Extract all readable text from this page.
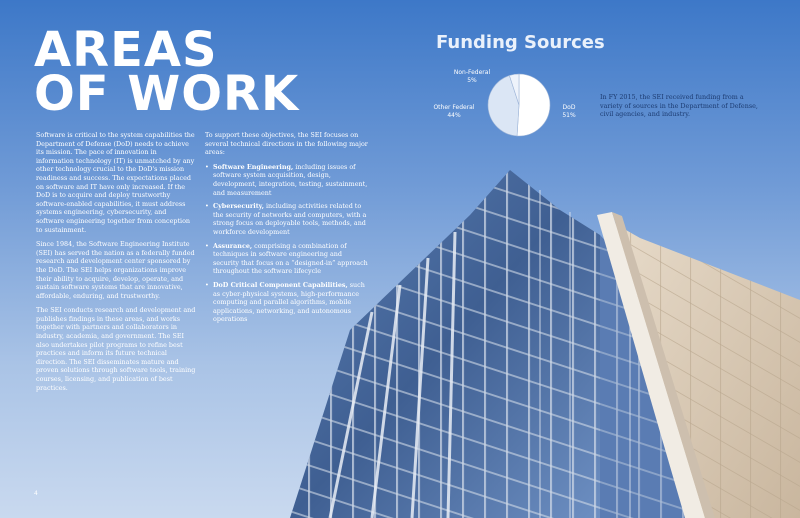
AREAS
OF WORK

Software is critical to the system capabilities the Department of Defense (DoD) needs to achieve its mission. The pace of innovation in information technology (IT) is unmatched by any other technology crucial to the DoD's mission readiness and success. The expectations placed on software and IT have only increased. If the DoD is to acquire and deploy trustworthy software-enabled capabilities, it must address systems engineering, cybersecurity, and software engineering together from conception to sustainment.

Since 1984, the Software Engineering Institute (SEI) has served the nation as a federally funded research and development center sponsored by the DoD. The SEI helps organizations improve their ability to acquire, develop, operate, and sustain software systems that are innovative, affordable, enduring, and trustworthy.

The SEI conducts research and development and publishes findings in these areas, and works together with partners and collaborators in industry, academia, and government. The SEI also undertakes pilot programs to refine best practices and inform its future technical direction. The SEI disseminates mature and proven solutions through software tools, training courses, licensing, and publication of best practices.

To support these objectives, the SEI focuses on several technical directions in the following major areas:

• Software Engineering, including issues of software system acquisition, design, development, integration, testing, sustainment, and measurement
• Cybersecurity, including activities related to the security of networks and computers, with a strong focus on deployable tools, methods, and workforce development
• Assurance, comprising a combination of techniques in software engineering and security that focus on a “designed-in” approach throughout the software lifecycle
• DoD Critical Component Capabilities, such as cyber-physical systems, high-performance computing and parallel algorithms, mobile applications, networking, and autonomous operations
Funding Sources
Non-Federal
5%
Other Federal
44%
DoD
51%
In FY 2015, the SEI received funding from a variety of sources in the Department of Defense, civil agencies, and industry.
4
